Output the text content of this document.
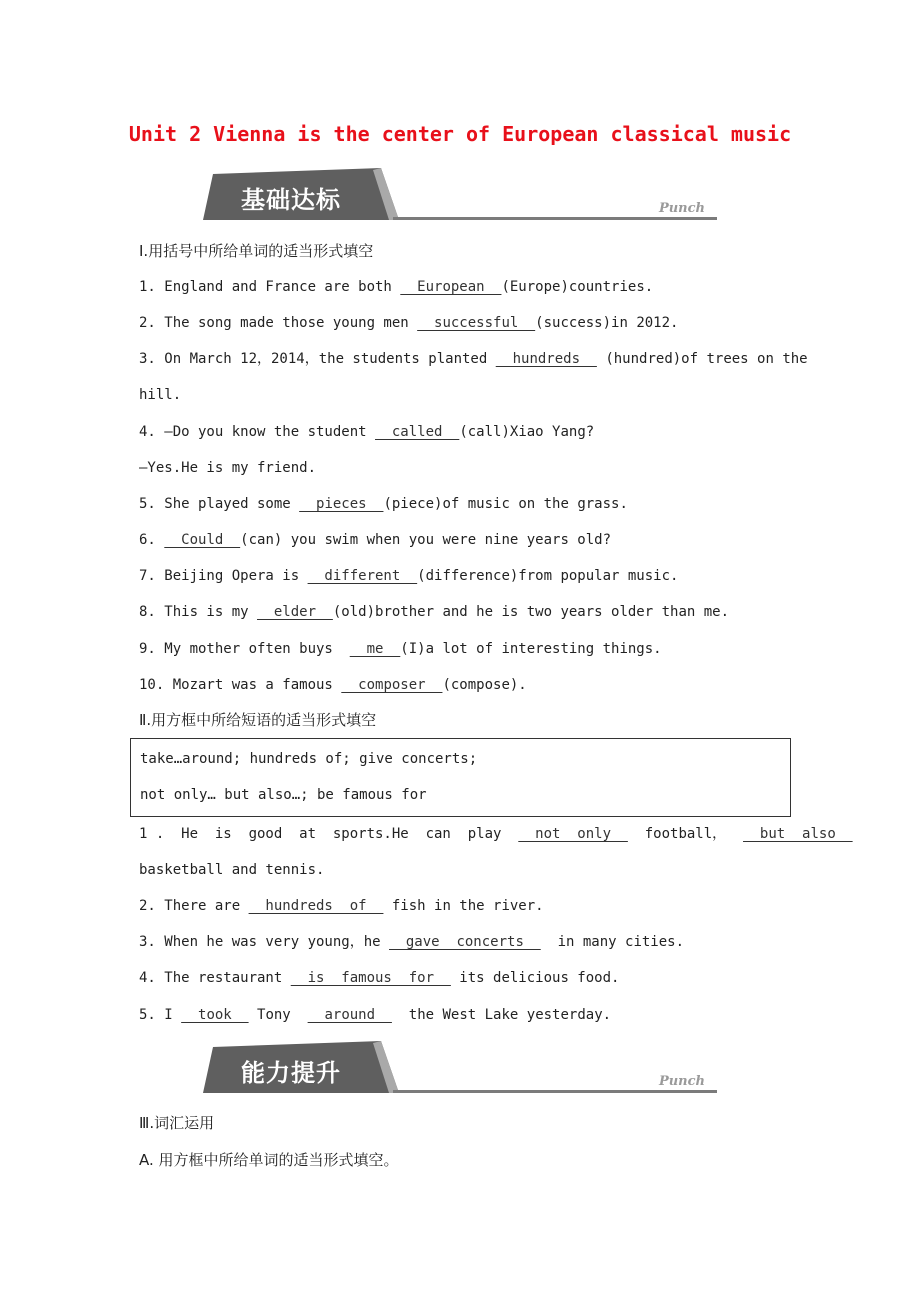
Unit 2 Vienna is the center of European classical music
基础达标	Punch
Ⅰ.用括号中所给单词的适当形式填空
1. England and France are both   European  (Europe)countries.
2. The song made those young men   successful  (success)in 2012.
3. On March 12，2014，the students planted   hundreds   (hundred)of trees on the
hill.
4. —Do you know the student   called  (call)Xiao Yang?
—Yes.He is my friend.
5. She played some   pieces  (piece)of music on the grass.
6.   Could  (can) you swim when you were nine years old?
7. Beijing Opera is   different  (difference)from popular music.
8. This is my   elder  (old)brother and he is two years older than me.
9. My mother often buys    me  (I)a lot of interesting things.
10. Mozart was a famous   composer  (compose).
Ⅱ.用方框中所给短语的适当形式填空
take…around; hundreds of; give concerts;
not only… but also…; be famous for
1 .  He  is  good  at  sports.He  can  play    not  only    football，    but  also
basketball and tennis.
2. There are   hundreds  of   fish in the river.
3. When he was very young，he   gave  concerts    in many cities.
4. The restaurant   is  famous  for   its delicious food.
5. I   took   Tony    around    the West Lake yesterday.
能力提升	Punch
Ⅲ.词汇运用
A. 用方框中所给单词的适当形式填空。
